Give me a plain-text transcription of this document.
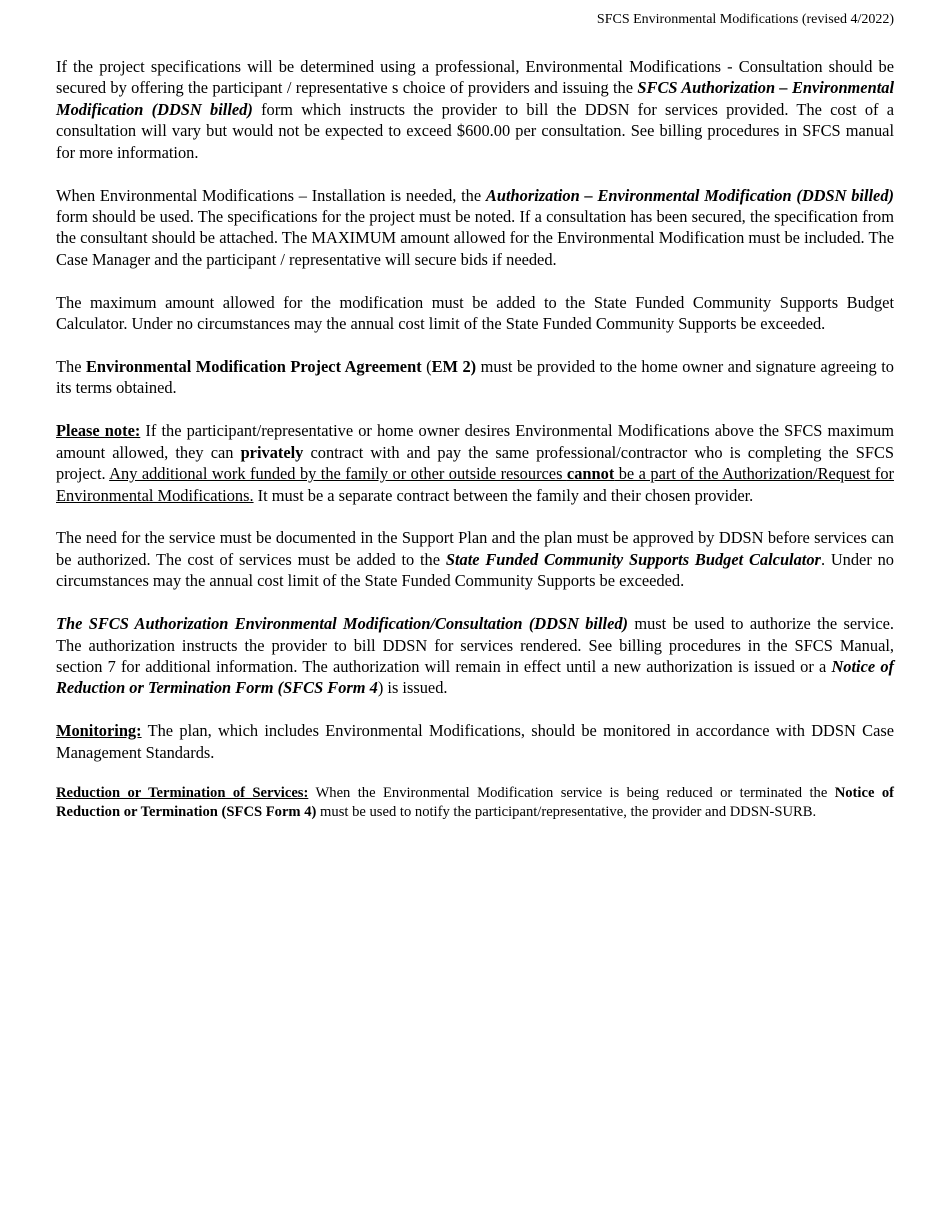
SFCS Environmental Modifications (revised 4/2022)

If the project specifications will be determined using a professional, Environmental Modifications - Consultation should be secured by offering the participant / representative s choice of providers and issuing the SFCS Authorization – Environmental Modification (DDSN billed) form which instructs the provider to bill the DDSN for services provided. The cost of a consultation will vary but would not be expected to exceed $600.00 per consultation. See billing procedures in SFCS manual for more information.

When Environmental Modifications – Installation is needed, the Authorization – Environmental Modification (DDSN billed) form should be used. The specifications for the project must be noted. If a consultation has been secured, the specification from the consultant should be attached. The MAXIMUM amount allowed for the Environmental Modification must be included. The Case Manager and the participant / representative will secure bids if needed.

The maximum amount allowed for the modification must be added to the State Funded Community Supports Budget Calculator. Under no circumstances may the annual cost limit of the State Funded Community Supports be exceeded.

The Environmental Modification Project Agreement (EM 2) must be provided to the home owner and signature agreeing to its terms obtained.

Please note: If the participant/representative or home owner desires Environmental Modifications above the SFCS maximum amount allowed, they can privately contract with and pay the same professional/contractor who is completing the SFCS project. Any additional work funded by the family or other outside resources cannot be a part of the Authorization/Request for Environmental Modifications. It must be a separate contract between the family and their chosen provider.

The need for the service must be documented in the Support Plan and the plan must be approved by DDSN before services can be authorized. The cost of services must be added to the State Funded Community Supports Budget Calculator. Under no circumstances may the annual cost limit of the State Funded Community Supports be exceeded.

The SFCS Authorization Environmental Modification/Consultation (DDSN billed) must be used to authorize the service. The authorization instructs the provider to bill DDSN for services rendered. See billing procedures in the SFCS Manual, section 7 for additional information. The authorization will remain in effect until a new authorization is issued or a Notice of Reduction or Termination Form (SFCS Form 4) is issued.

Monitoring: The plan, which includes Environmental Modifications, should be monitored in accordance with DDSN Case Management Standards.

Reduction or Termination of Services: When the Environmental Modification service is being reduced or terminated the Notice of Reduction or Termination (SFCS Form 4) must be used to notify the participant/representative, the provider and DDSN-SURB.
